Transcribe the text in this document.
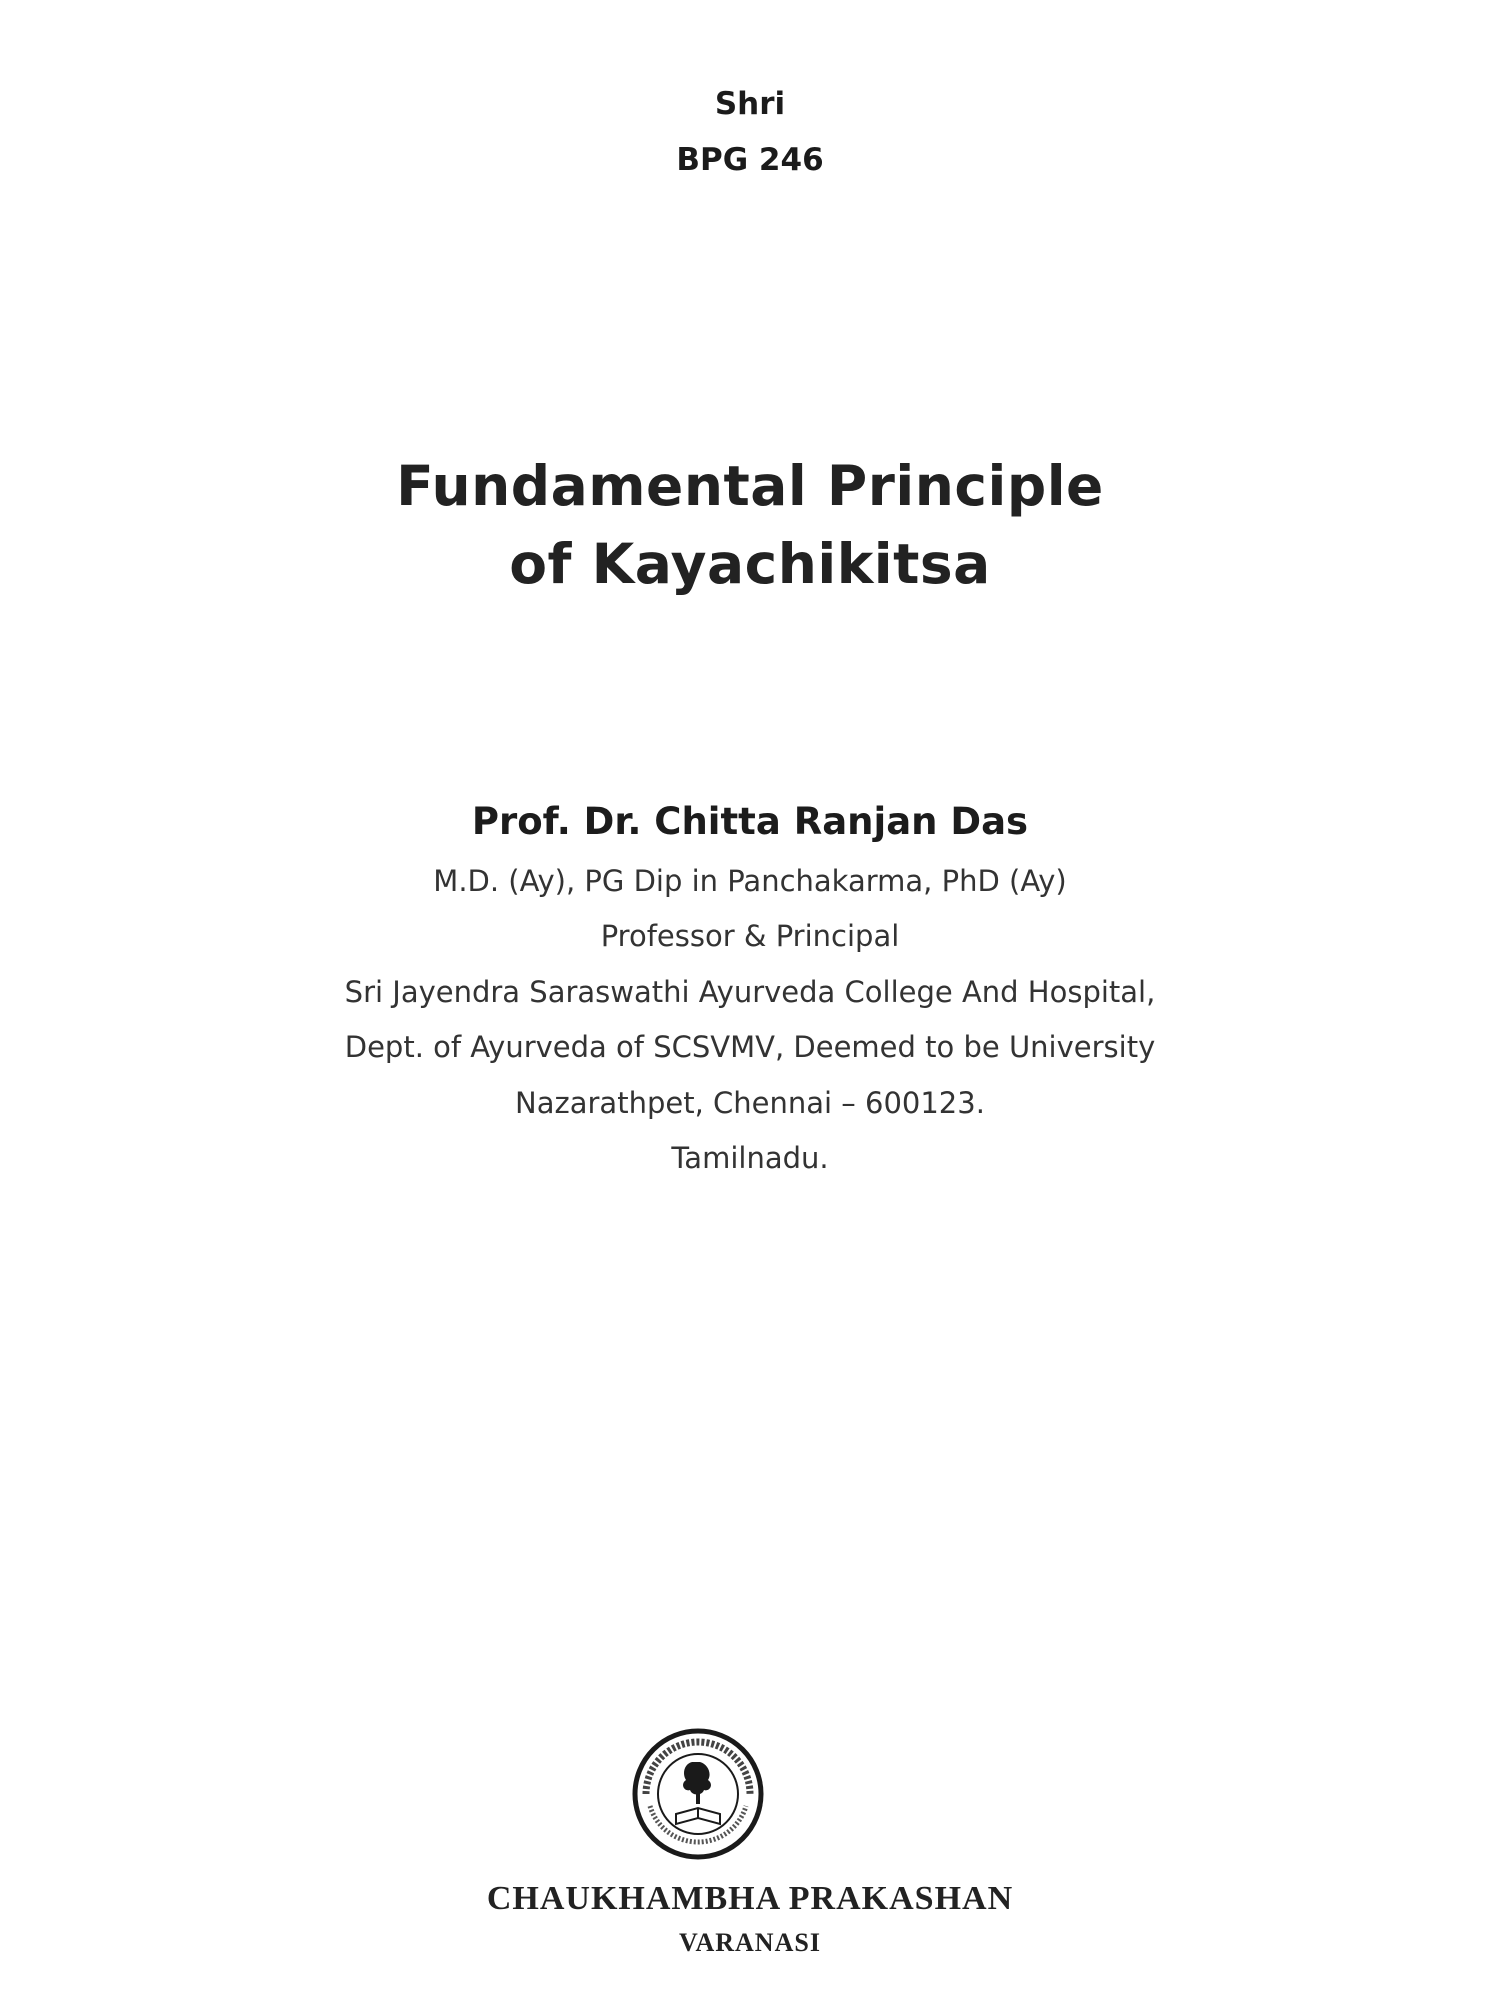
Shri
BPG 246
Fundamental Principle
of Kayachikitsa
Prof. Dr. Chitta Ranjan Das
M.D. (Ay), PG Dip in Panchakarma, PhD (Ay)
Professor & Principal
Sri Jayendra Saraswathi Ayurveda College And Hospital,
Dept. of Ayurveda of SCSVMV, Deemed to be University
Nazarathpet, Chennai – 600123.
Tamilnadu.
CHAUKHAMBHA PRAKASHAN
VARANASI
